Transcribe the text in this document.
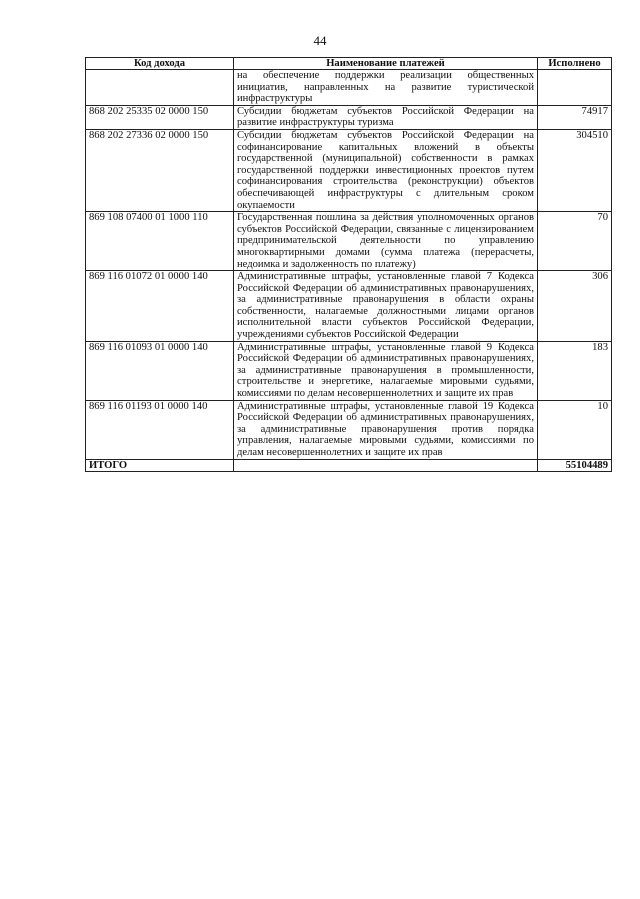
44
Код дохода	Наименование платежей	Исполнено
	на обеспечение поддержки реализации общественных инициатив, направленных на развитие туристической инфраструктуры	
868 202 25335 02 0000 150	Субсидии бюджетам субъектов Российской Федерации на развитие инфраструктуры туризма	74917
868 202 27336 02 0000 150	Субсидии бюджетам субъектов Российской Федерации на софинансирование капитальных вложений в объекты государственной (муниципальной) собственности в рамках государственной поддержки инвестиционных проектов путем софинансирования строительства (реконструкции) объектов обеспечивающей инфраструктуры с длительным сроком окупаемости	304510
869 108 07400 01 1000 110	Государственная пошлина за действия уполномоченных органов субъектов Российской Федерации, связанные с лицензированием предпринимательской деятельности по управлению многоквартирными домами (сумма платежа (перерасчеты, недоимка и задолженность по платежу)	70
869 116 01072 01 0000 140	Административные штрафы, установленные главой 7 Кодекса Российской Федерации об административных правонарушениях, за административные правонарушения в области охраны собственности, налагаемые должностными лицами органов исполнительной власти субъектов Российской Федерации, учреждениями субъектов Российской Федерации	306
869 116 01093 01 0000 140	Административные штрафы, установленные главой 9 Кодекса Российской Федерации об административных правонарушениях, за административные правонарушения в промышленности, строительстве и энергетике, налагаемые мировыми судьями, комиссиями по делам несовершеннолетних и защите их прав	183
869 116 01193 01 0000 140	Административные штрафы, установленные главой 19 Кодекса Российской Федерации об административных правонарушениях, за административные правонарушения против порядка управления, налагаемые мировыми судьями, комиссиями по делам несовершеннолетних и защите их прав	10
ИТОГО		55104489
